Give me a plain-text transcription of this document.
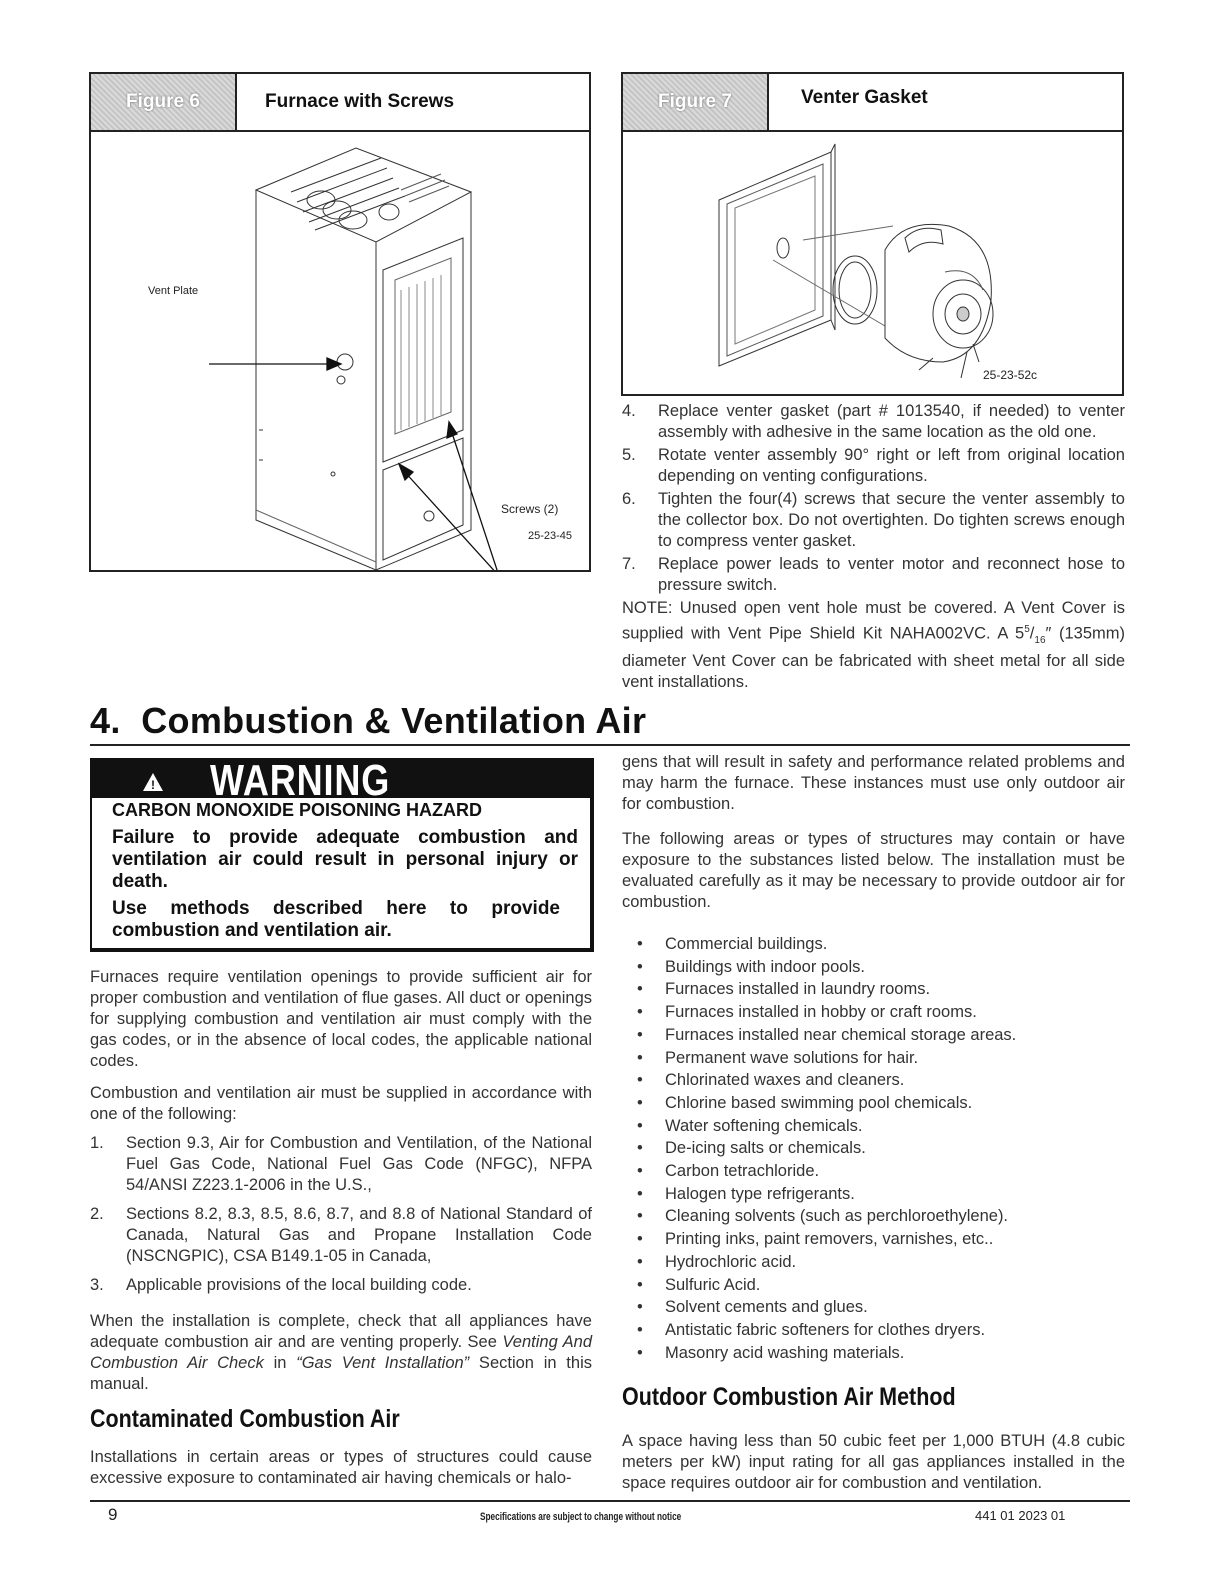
Figure 6	Furnace with Screws
Vent Plate
Screws (2)
25-23-45
Figure 7	Venter Gasket
25-23-52c
4. Replace venter gasket (part # 1013540, if needed) to venter assembly with adhesive in the same location as the old one.
5. Rotate venter assembly 90° right or left from original location depending on venting configurations.
6. Tighten the four(4) screws that secure the venter assembly to the collector box. Do not overtighten. Do tighten screws enough to compress venter gasket.
7. Replace power leads to venter motor and reconnect hose to pressure switch.

NOTE: Unused open vent hole must be covered. A Vent Cover is supplied with Vent Pipe Shield Kit NAHA002VC. A $5^5/_{16}''$ (135mm) diameter Vent Cover can be fabricated with sheet metal for all side vent installations.

4.  Combustion & Ventilation Air
! WARNING
CARBON MONOXIDE POISONING HAZARD

Failure to provide adequate combustion and ventilation air could result in personal injury or death.

Use methods described here to provide combustion and ventilation air.

Furnaces require ventilation openings to provide sufficient air for proper combustion and ventilation of flue gases. All duct or openings for supplying combustion and ventilation air must comply with the gas codes, or in the absence of local codes, the applicable national codes.

Combustion and ventilation air must be supplied in accordance with one of the following:

1. Section 9.3, Air for Combustion and Ventilation, of the National Fuel Gas Code, National Fuel Gas Code (NFGC), NFPA 54/ANSI Z223.1-2006 in the U.S.,
2. Sections 8.2, 8.3, 8.5, 8.6, 8.7, and 8.8 of National Standard of Canada, Natural Gas and Propane Installation Code (NSCNGPIC), CSA B149.1-05 in Canada,
3. Applicable provisions of the local building code.

When the installation is complete, check that all appliances have adequate combustion air and are venting properly. See Venting And Combustion Air Check in “Gas Vent Installation” Section in this manual.

Contaminated Combustion Air

Installations in certain areas or types of structures could cause excessive exposure to contaminated air having chemicals or halo-

gens that will result in safety and performance related problems and may harm the furnace. These instances must use only outdoor air for combustion.

The following areas or types of structures may contain or have exposure to the substances listed below. The installation must be evaluated carefully as it may be necessary to provide outdoor air for combustion.

• Commercial buildings.
• Buildings with indoor pools.
• Furnaces installed in laundry rooms.
• Furnaces installed in hobby or craft rooms.
• Furnaces installed near chemical storage areas.
• Permanent wave solutions for hair.
• Chlorinated waxes and cleaners.
• Chlorine based swimming pool chemicals.
• Water softening chemicals.
• De-icing salts or chemicals.
• Carbon tetrachloride.
• Halogen type refrigerants.
• Cleaning solvents (such as perchloroethylene).
• Printing inks, paint removers, varnishes, etc..
• Hydrochloric acid.
• Sulfuric Acid.
• Solvent cements and glues.
• Antistatic fabric softeners for clothes dryers.
• Masonry acid washing materials.
Outdoor Combustion Air Method

A space having less than 50 cubic feet per 1,000 BTUH (4.8 cubic meters per kW) input rating for all gas appliances installed in the space requires outdoor air for combustion and ventilation.

9	Specifications are subject to change without notice	441 01 2023 01
